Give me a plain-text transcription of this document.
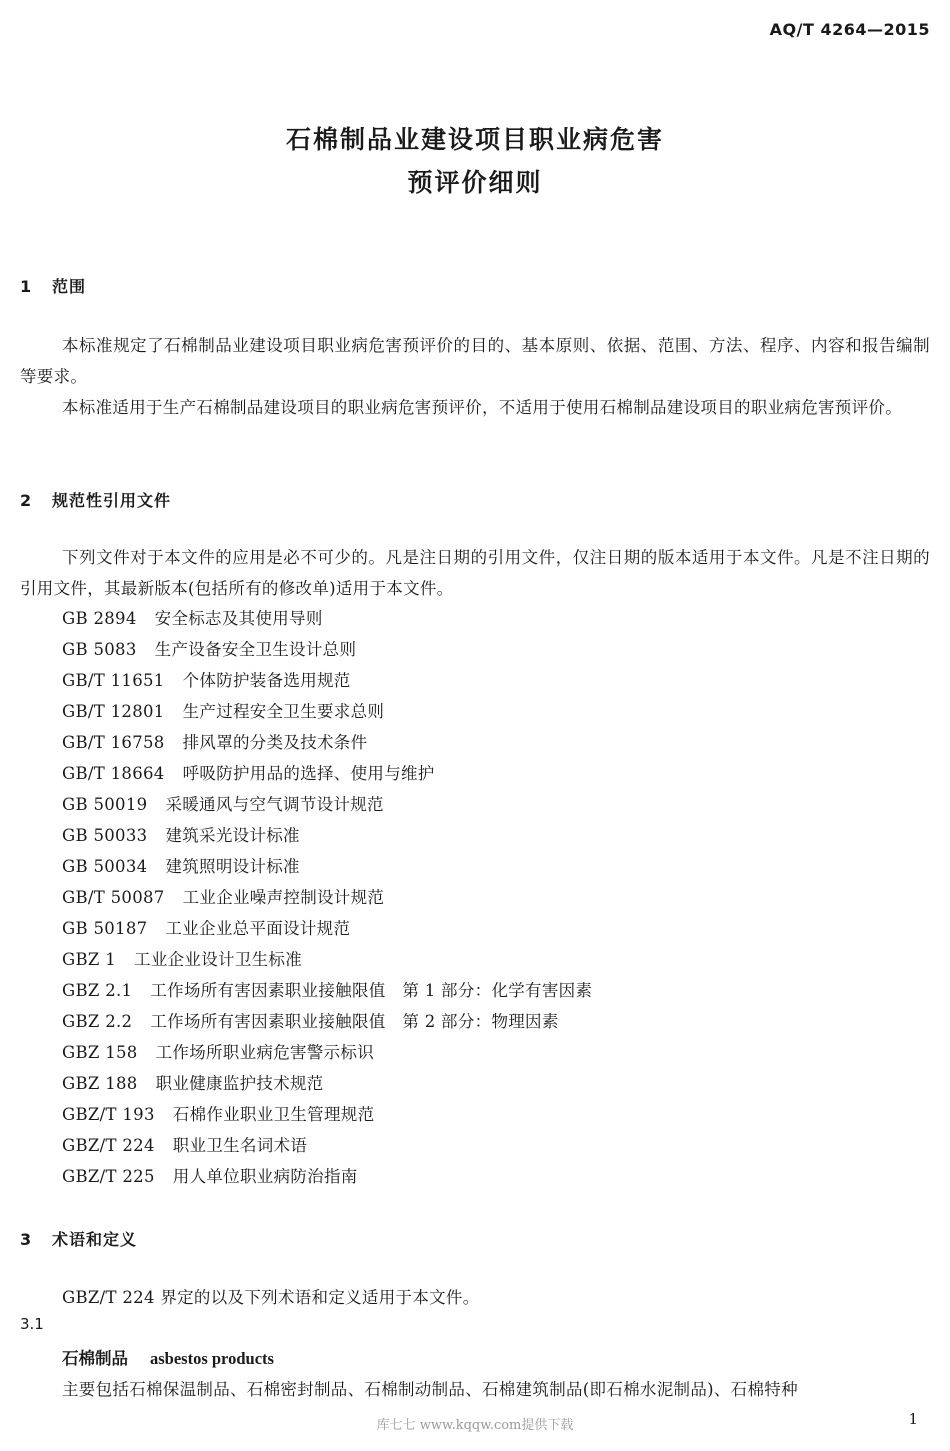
AQ/T 4264—2015
石棉制品业建设项目职业病危害
预评价细则
1 范围
本标准规定了石棉制品业建设项目职业病危害预评价的目的、基本原则、依据、范围、方法、程序、内容和报告编制等要求。
本标准适用于生产石棉制品建设项目的职业病危害预评价，不适用于使用石棉制品建设项目的职业病危害预评价。
2 规范性引用文件
下列文件对于本文件的应用是必不可少的。凡是注日期的引用文件，仅注日期的版本适用于本文件。凡是不注日期的引用文件，其最新版本(包括所有的修改单)适用于本文件。
GB 2894 安全标志及其使用导则
GB 5083 生产设备安全卫生设计总则
GB/T 11651 个体防护装备选用规范
GB/T 12801 生产过程安全卫生要求总则
GB/T 16758 排风罩的分类及技术条件
GB/T 18664 呼吸防护用品的选择、使用与维护
GB 50019 采暖通风与空气调节设计规范
GB 50033 建筑采光设计标准
GB 50034 建筑照明设计标准
GB/T 50087 工业企业噪声控制设计规范
GB 50187 工业企业总平面设计规范
GBZ 1 工业企业设计卫生标准
GBZ 2.1 工作场所有害因素职业接触限值　第 1 部分：化学有害因素
GBZ 2.2 工作场所有害因素职业接触限值　第 2 部分：物理因素
GBZ 158 工作场所职业病危害警示标识
GBZ 188 职业健康监护技术规范
GBZ/T 193 石棉作业职业卫生管理规范
GBZ/T 224 职业卫生名词术语
GBZ/T 225 用人单位职业病防治指南
3 术语和定义
GBZ/T 224 界定的以及下列术语和定义适用于本文件。
3.1
石棉制品 asbestos products
主要包括石棉保温制品、石棉密封制品、石棉制动制品、石棉建筑制品(即石棉水泥制品)、石棉特种
库七七 www.kqqw.com提供下载	1
